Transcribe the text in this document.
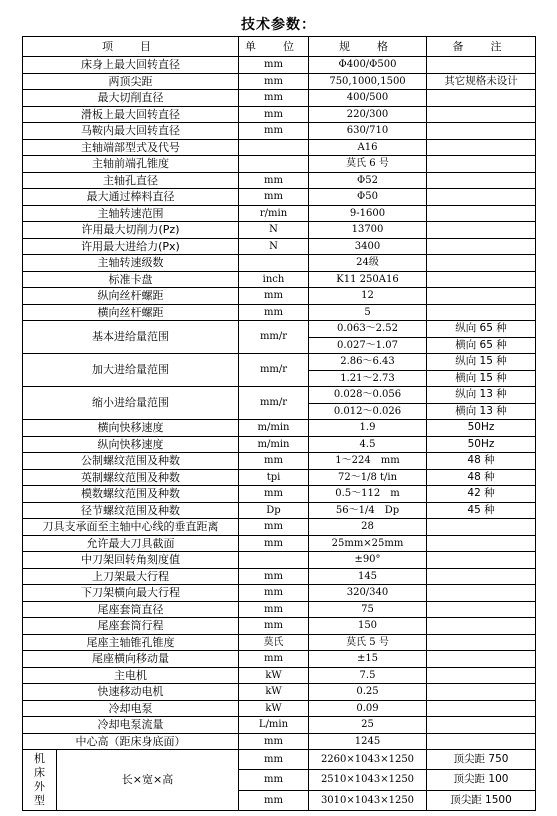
技术参数：
项　目	单　位	规　格	备　注
床身上最大回转直径	mm	Φ400/Φ500	
两顶尖距	mm	750,1000,1500	其它规格未设计
最大切削直径	mm	400/500	
滑板上最大回转直径	mm	220/300	
马鞍内最大回转直径	mm	630/710	
主轴端部型式及代号		A16	
主轴前端孔锥度		莫氏 6 号	
主轴孔直径	mm	Φ52	
最大通过棒料直径	mm	Φ50	
主轴转速范围	r/min	9-1600	
许用最大切削力(Pz)	N	13700	
许用最大进给力(Px)	N	3400	
主轴转速级数		24级	
标准卡盘	inch	K11 250A16	
纵向丝杆螺距	mm	12	
横向丝杆螺距	mm	5	
基本进给量范围	mm/r	0.063～2.52	纵向 65 种
		0.027～1.07	横向 65 种
加大进给量范围	mm/r	2.86～6.43	纵向 15 种
		1.21～2.73	横向 15 种
缩小进给量范围	mm/r	0.028～0.056	纵向 13 种
		0.012～0.026	横向 13 种
横向快移速度	m/min	1.9	50Hz
纵向快移速度	m/min	4.5	50Hz
公制螺纹范围及种数	mm	1～224　mm	48 种
英制螺纹范围及种数	tpi	72～1/8 t/in	48 种
模数螺纹范围及种数	mm	0.5～112　m	42 种
径节螺纹范围及种数	Dp	56～1/4　Dp	45 种
刀具支承面至主轴中心线的垂直距离	mm	28	
允许最大刀具截面	mm	25mm×25mm	
中刀架回转角刻度值		±90°	
上刀架最大行程	mm	145	
下刀架横向最大行程	mm	320/340	
尾座套筒直径	mm	75	
尾座套筒行程	mm	150	
尾座主轴锥孔锥度	莫氏	莫氏 5 号	
尾座横向移动量	mm	±15	
主电机	kW	7.5	
快速移动电机	kW	0.25	
冷却电泵	kW	0.09	
冷却电泵流量	L/min	25	
中心高（距床身底面）	mm	1245	

机床外型
长×宽×高	mm	2260×1043×1250	顶尖距 750
	mm	2510×1043×1250	顶尖距 100
	mm	3010×1043×1250	顶尖距 1500
